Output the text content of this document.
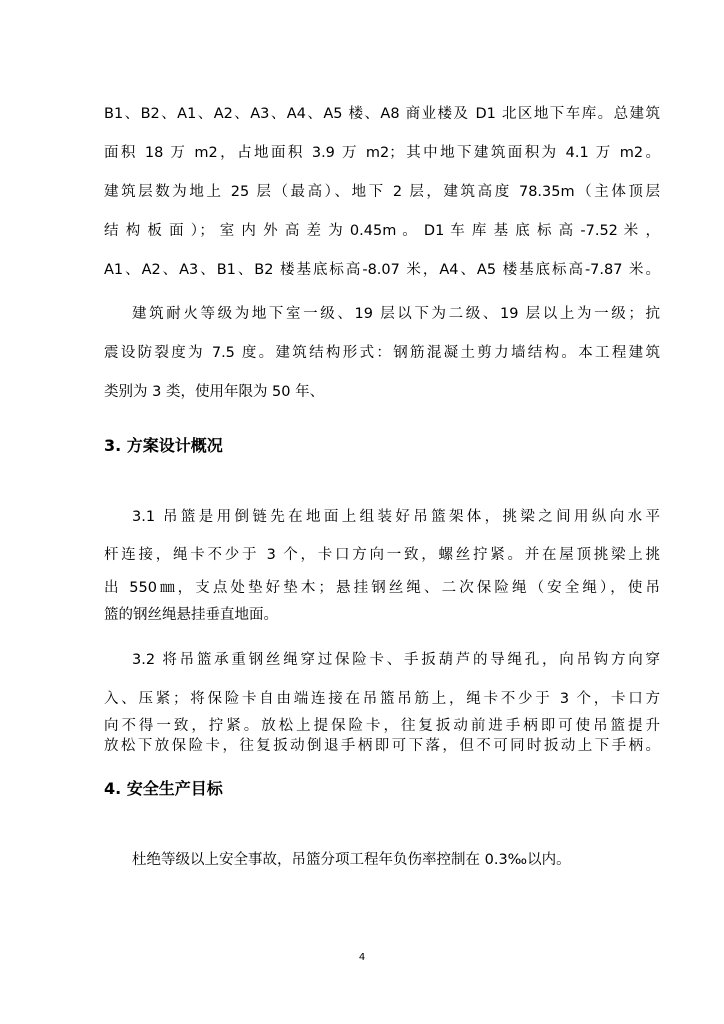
B1、B2、A1、A2、A3、A4、A5 楼、A8 商业楼及 D1 北区地下车库。总建筑
面积 18 万 m2，占地面积 3.9 万 m2；其中地下建筑面积为 4.1 万 m2。
建筑层数为地上 25 层（最高）、地下 2 层，建筑高度 78.35m（主体顶层
结 构 板 面 ）； 室 内 外 高 差 为 0.45m 。 D1 车 库 基 底 标 高 -7.52 米 ，
A1、A2、A3、B1、B2 楼基底标高-8.07 米，A4、A5 楼基底标高-7.87 米。
建筑耐火等级为地下室一级、19 层以下为二级、19 层以上为一级；抗
震设防裂度为 7.5 度。建筑结构形式：钢筋混凝土剪力墙结构。本工程建筑
类别为 3 类，使用年限为 50 年、
3. 方案设计概况
3.1 吊篮是用倒链先在地面上组装好吊篮架体，挑梁之间用纵向水平
杆连接，绳卡不少于 3 个，卡口方向一致，螺丝拧紧。并在屋顶挑梁上挑
出 550㎜，支点处垫好垫木；悬挂钢丝绳、二次保险绳（安全绳），使吊
篮的钢丝绳悬挂垂直地面。
3.2 将吊篮承重钢丝绳穿过保险卡、手扳葫芦的导绳孔，向吊钩方向穿
入、压紧；将保险卡自由端连接在吊篮吊筋上，绳卡不少于 3 个，卡口方
向不得一致，拧紧。放松上提保险卡，往复扳动前进手柄即可使吊篮提升
放松下放保险卡，往复扳动倒退手柄即可下落，但不可同时扳动上下手柄。
4. 安全生产目标
杜绝等级以上安全事故，吊篮分项工程年负伤率控制在 0.3‰以内。
4
